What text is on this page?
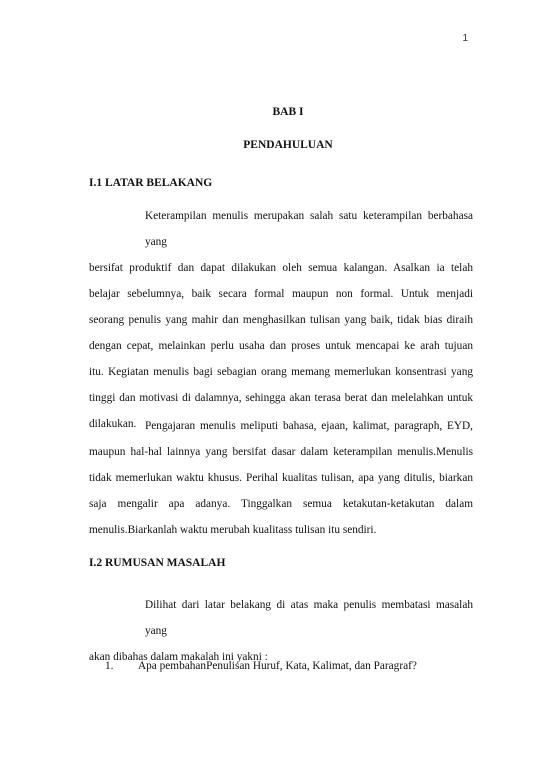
1
BAB I
PENDAHULUAN
I.1 LATAR BELAKANG
Keterampilan menulis merupakan salah satu keterampilan berbahasa yang
bersifat produktif dan dapat dilakukan oleh semua kalangan. Asalkan ia telah
belajar sebelumnya, baik secara formal maupun non formal. Untuk menjadi
seorang penulis yang mahir dan menghasilkan tulisan yang baik, tidak bias diraih
dengan cepat, melainkan perlu usaha dan proses untuk mencapai ke arah tujuan
itu. Kegiatan menulis bagi sebagian orang memang memerlukan konsentrasi yang
tinggi dan motivasi di dalamnya, sehingga akan terasa berat dan melelahkan untuk
dilakukan. Pengajaran menulis meliputi bahasa, ejaan, kalimat, paragraph, EYD,
maupun hal-hal lainnya yang bersifat dasar dalam keterampilan menulis.Menulis
tidak memerlukan waktu khusus. Perihal kualitas tulisan, apa yang ditulis, biarkan
saja mengalir apa adanya. Tinggalkan semua ketakutan-ketakutan dalam
menulis.Biarkanlah waktu merubah kualitass tulisan itu sendiri.
I.2 RUMUSAN MASALAH
Dilihat dari latar belakang di atas maka penulis membatasi masalah yang
akan dibahas dalam makalah ini yakni :
1. Apa pembahanPenulisan Huruf, Kata, Kalimat, dan Paragraf?
